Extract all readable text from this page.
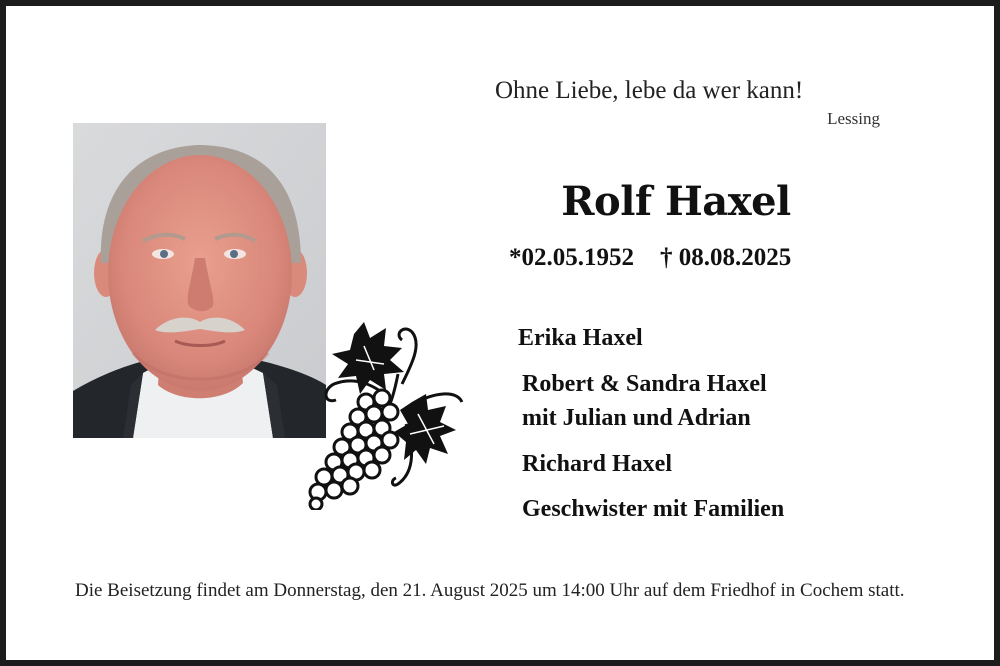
Ohne Liebe, lebe da wer kann!
Lessing
Rolf Haxel
*02.05.1952 † 08.08.2025
Erika Haxel
Robert & Sandra Haxel
mit Julian und Adrian
Richard Haxel
Geschwister mit Familien
Die Beisetzung findet am Donnerstag, den 21. August 2025 um 14:00 Uhr auf dem Friedhof in Cochem statt.
